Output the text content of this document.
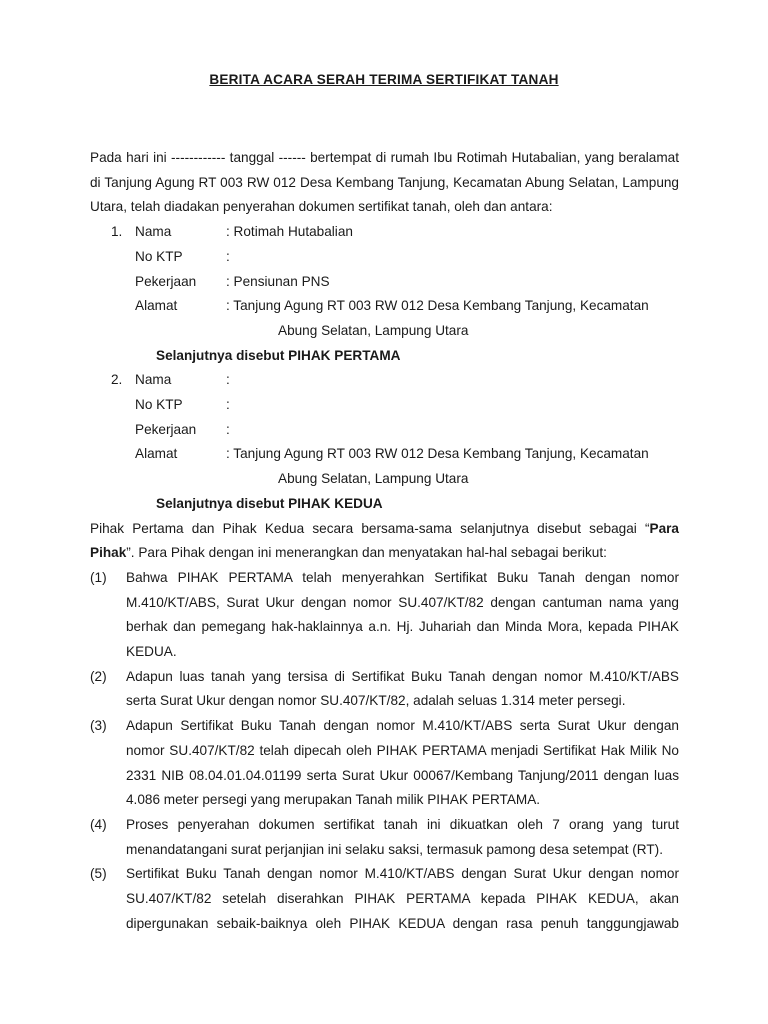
BERITA ACARA SERAH TERIMA SERTIFIKAT TANAH
Pada hari ini ------------ tanggal ------ bertempat di rumah Ibu Rotimah Hutabalian, yang beralamat di Tanjung Agung RT 003 RW 012 Desa Kembang Tanjung, Kecamatan Abung Selatan, Lampung Utara, telah diadakan penyerahan dokumen sertifikat tanah, oleh dan antara:
1. Nama	: Rotimah Hutabalian
No KTP	:
Pekerjaan	: Pensiunan PNS
Alamat	: Tanjung Agung RT 003 RW 012 Desa Kembang Tanjung, Kecamatan
Abung Selatan, Lampung Utara
Selanjutnya disebut PIHAK PERTAMA
2. Nama	:
No KTP	:
Pekerjaan	:
Alamat	: Tanjung Agung RT 003 RW 012 Desa Kembang Tanjung, Kecamatan
Abung Selatan, Lampung Utara
Selanjutnya disebut PIHAK KEDUA
Pihak Pertama dan Pihak Kedua secara bersama-sama selanjutnya disebut sebagai “Para Pihak”. Para Pihak dengan ini menerangkan dan menyatakan hal-hal sebagai berikut:
(1)	Bahwa PIHAK PERTAMA telah menyerahkan Sertifikat Buku Tanah dengan nomor M.410/KT/ABS, Surat Ukur dengan nomor SU.407/KT/82 dengan cantuman nama yang berhak dan pemegang hak-haklainnya a.n. Hj. Juhariah dan Minda Mora, kepada PIHAK KEDUA.
(2)	Adapun luas tanah yang tersisa di Sertifikat Buku Tanah dengan nomor M.410/KT/ABS serta Surat Ukur dengan nomor SU.407/KT/82, adalah seluas 1.314 meter persegi.
(3)	Adapun Sertifikat Buku Tanah dengan nomor M.410/KT/ABS serta Surat Ukur dengan nomor SU.407/KT/82 telah dipecah oleh PIHAK PERTAMA menjadi Sertifikat Hak Milik No 2331 NIB 08.04.01.04.01199 serta Surat Ukur 00067/Kembang Tanjung/2011 dengan luas 4.086 meter persegi yang merupakan Tanah milik PIHAK PERTAMA.
(4)	Proses penyerahan dokumen sertifikat tanah ini dikuatkan oleh 7 orang yang turut menandatangani surat perjanjian ini selaku saksi, termasuk pamong desa setempat (RT).
(5)	Sertifikat Buku Tanah dengan nomor M.410/KT/ABS dengan Surat Ukur dengan nomor SU.407/KT/82 setelah diserahkan PIHAK PERTAMA kepada PIHAK KEDUA, akan dipergunakan sebaik-baiknya oleh PIHAK KEDUA dengan rasa penuh tanggungjawab
